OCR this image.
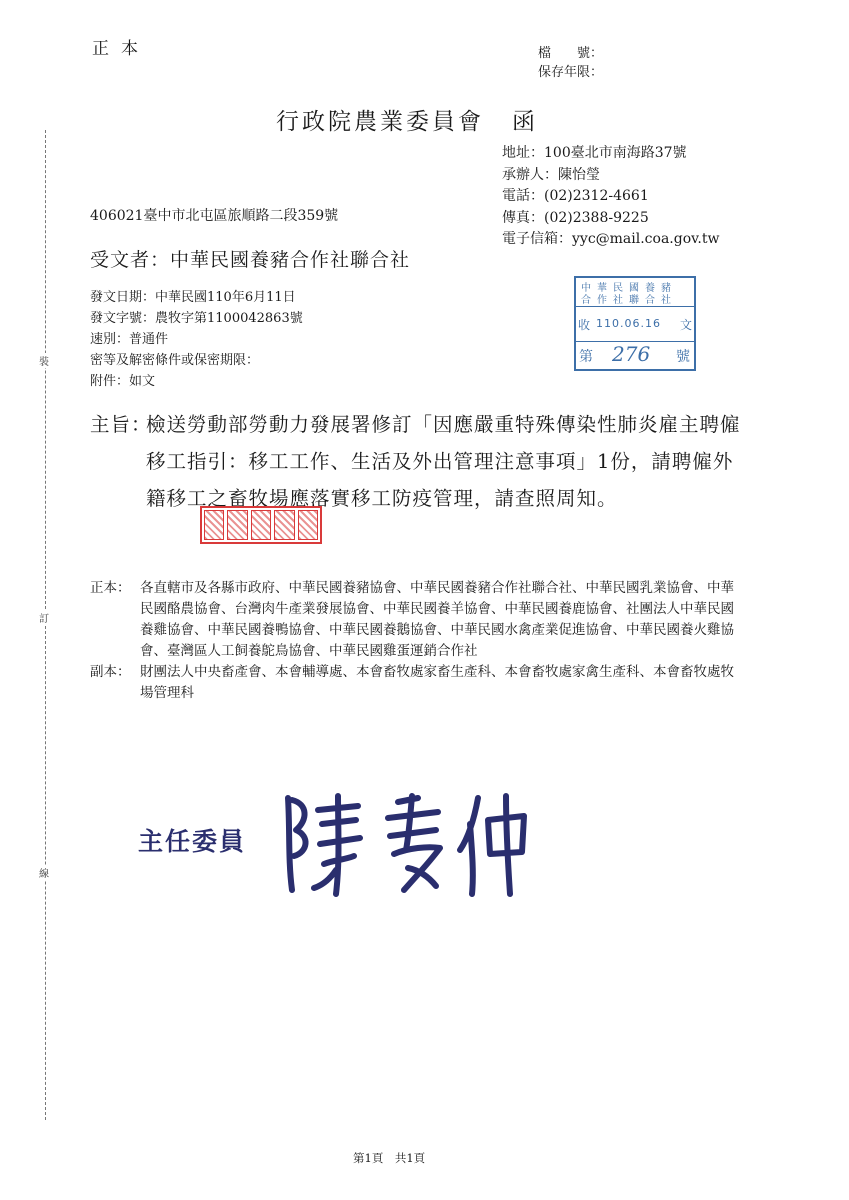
正本	檔　　號：
保存年限：
行政院農業委員會 函
地址：100臺北市南海路37號
承辦人：陳怡瑩
電話：(02)2312-4661
傳真：(02)2388-9225
電子信箱：yyc@mail.coa.gov.tw
406021臺中市北屯區旅順路二段359號
受文者：中華民國養豬合作社聯合社
發文日期：中華民國110年6月11日
發文字號：農牧字第1100042863號
速別：普通件
密等及解密條件或保密期限：
附件：如文
中華民國養豬
合作社聯合社
收 110.06.16 文
第 276 號
主旨：
檢送勞動部勞動力發展署修訂「因應嚴重特殊傳染性肺炎雇主聘僱移工指引：移工工作、生活及外出管理注意事項」1份，請聘僱外籍移工之畜牧場應落實移工防疫管理，請查照周知。
正本： 各直轄市及各縣市政府、中華民國養豬協會、中華民國養豬合作社聯合社、中華民國乳業協會、中華民國酪農協會、台灣肉牛產業發展協會、中華民國養羊協會、中華民國養鹿協會、社團法人中華民國養雞協會、中華民國養鴨協會、中華民國養鵝協會、中華民國水禽產業促進協會、中華民國養火雞協會、臺灣區人工飼養鴕鳥協會、中華民國雞蛋運銷合作社
副本： 財團法人中央畜產會、本會輔導處、本會畜牧處家畜生產科、本會畜牧處家禽生產科、本會畜牧處牧場管理科
主任委員
裝
訂
線
第1頁　共1頁
